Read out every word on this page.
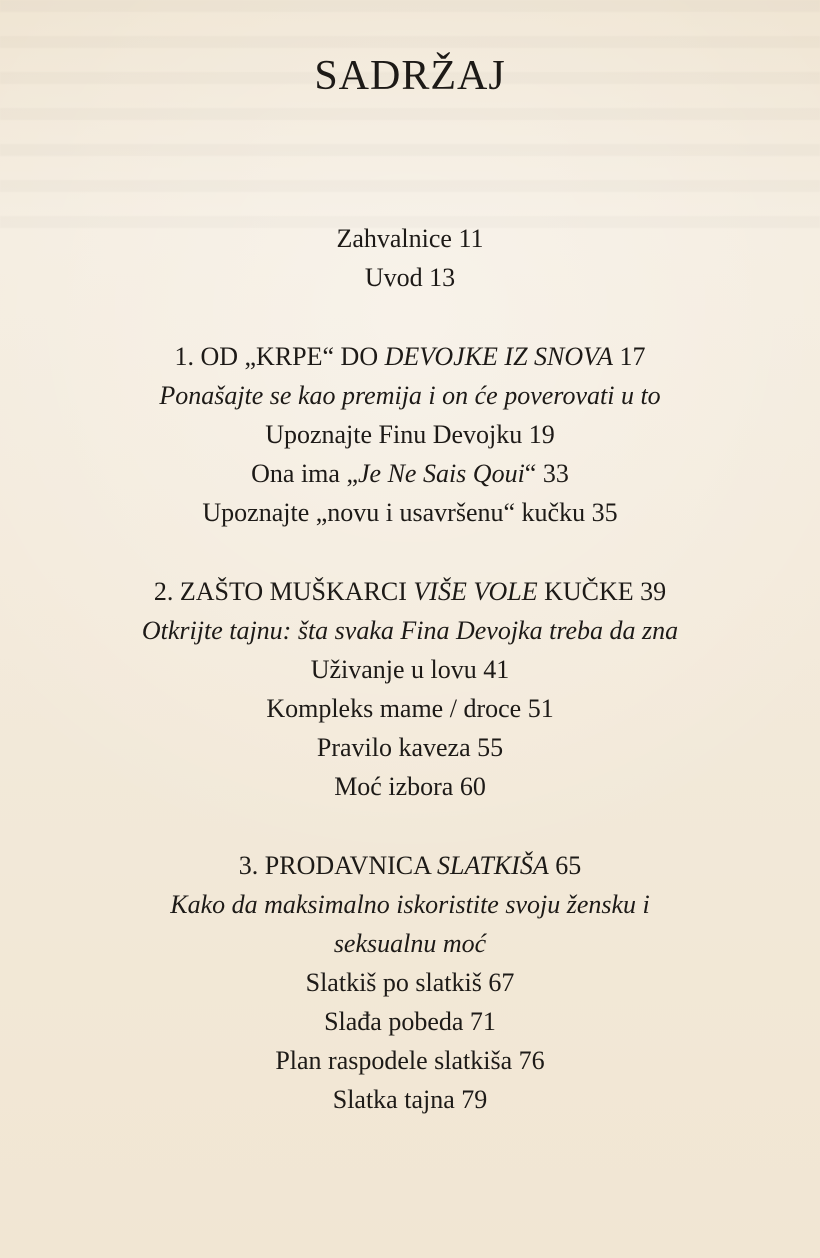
SADRŽAJ
Zahvalnice 11
Uvod 13
1. OD „KRPE“ DO DEVOJKE IZ SNOVA 17
Ponašajte se kao premija i on će poverovati u to
Upoznajte Finu Devojku 19
Ona ima „Je Ne Sais Qoui“ 33
Upoznajte „novu i usavršenu“ kučku 35
2. ZAŠTO MUŠKARCI VIŠE VOLE KUČKE 39
Otkrijte tajnu: šta svaka Fina Devojka treba da zna
Uživanje u lovu 41
Kompleks mame / droce 51
Pravilo kaveza 55
Moć izbora 60
3. PRODAVNICA SLATKIŠA 65
Kako da maksimalno iskoristite svoju žensku i
seksualnu moć
Slatkiš po slatkiš 67
Slađa pobeda 71
Plan raspodele slatkiša 76
Slatka tajna 79
